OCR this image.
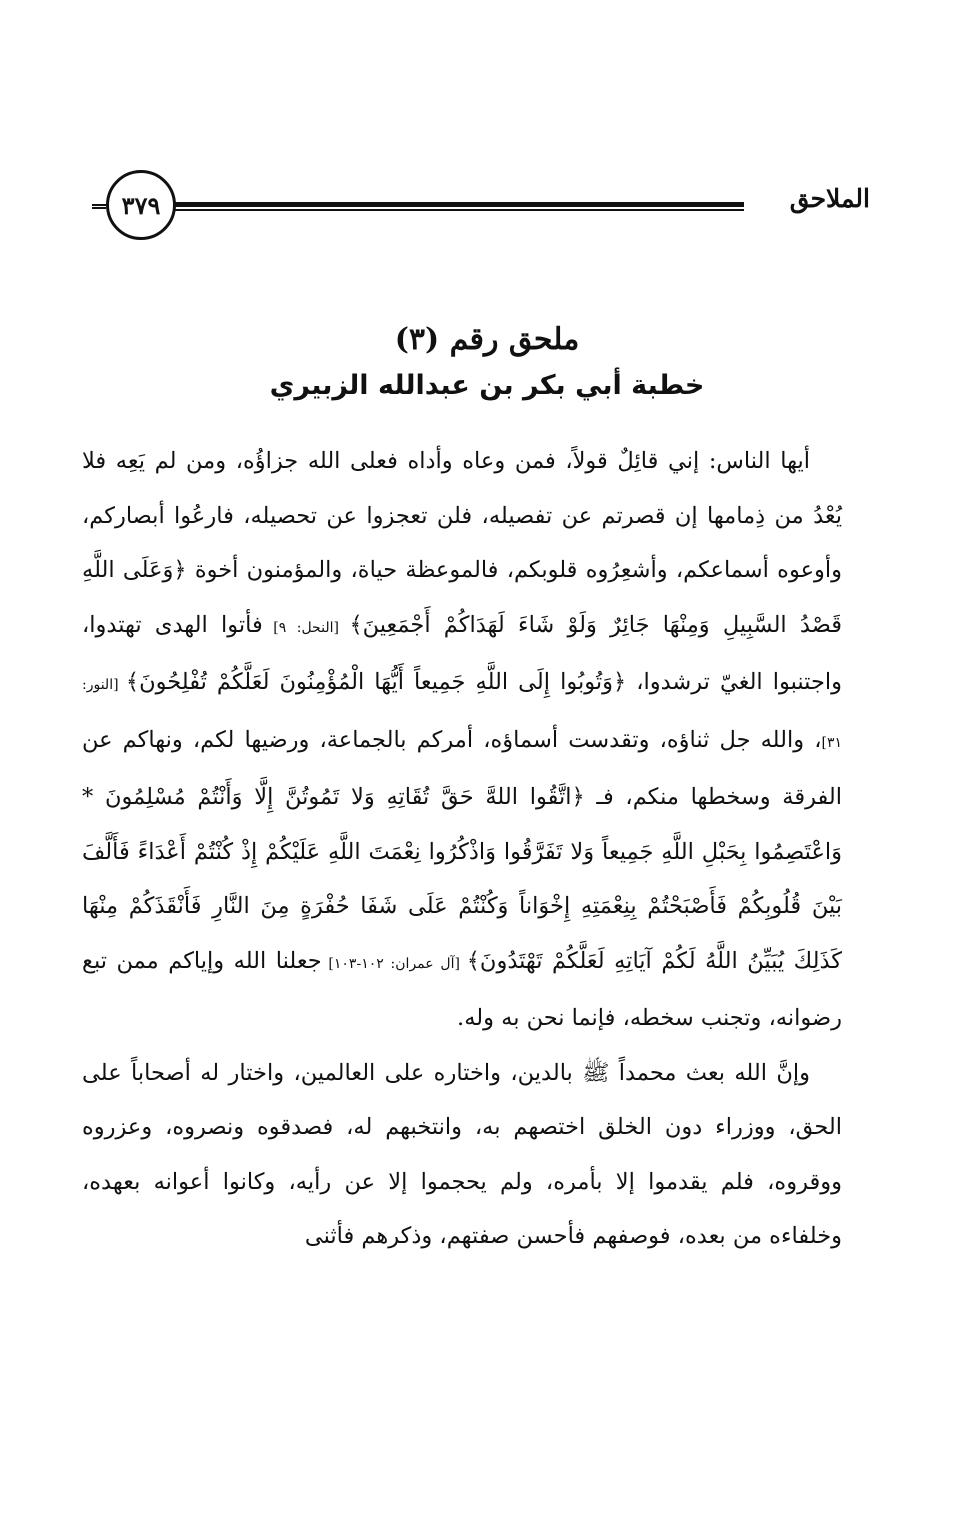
٣٧٩	الملاحق
ملحق رقم (٣)
خطبة أبي بكر بن عبدالله الزبيري

أيها الناس: إني قائِلٌ قولاً، فمن وعاه وأداه فعلى الله جزاؤُه، ومن لم يَعِه فلا يُعْدُ من ذِمامها إن قصرتم عن تفصيله، فلن تعجزوا عن تحصيله، فارعُوا أبصاركم، وأوعوه أسماعكم، وأشعِرُوه قلوبكم، فالموعظة حياة، والمؤمنون أخوة ﴿وَعَلَى اللَّهِ قَصْدُ السَّبِيلِ وَمِنْهَا جَائِرٌ وَلَوْ شَاءَ لَهَدَاكُمْ أَجْمَعِينَ﴾ [النحل: ٩] فأتوا الهدى تهتدوا، واجتنبوا الغيّ ترشدوا، ﴿وَتُوبُوا إِلَى اللَّهِ جَمِيعاً أَيُّهَا الْمُؤْمِنُونَ لَعَلَّكُمْ تُفْلِحُونَ﴾ [النور: ٣١]، والله جل ثناؤه، وتقدست أسماؤه، أمركم بالجماعة، ورضيها لكم، ونهاكم عن الفرقة وسخطها منكم، فـ ﴿اتَّقُوا اللهَّ حَقَّ تُقَاتِهِ وَلا تَمُوتُنَّ إِلَّا وَأَنْتُمْ مُسْلِمُونَ * وَاعْتَصِمُوا بِحَبْلِ اللَّهِ جَمِيعاً وَلا تَفَرَّقُوا وَاذْكُرُوا نِعْمَتَ اللَّهِ عَلَيْكُمْ إِذْ كُنْتُمْ أَعْدَاءً فَأَلَّفَ بَيْنَ قُلُوبِكُمْ فَأَصْبَحْتُمْ بِنِعْمَتِهِ إِخْوَاناً وَكُنْتُمْ عَلَى شَفَا حُفْرَةٍ مِنَ النَّارِ فَأَنْقَذَكُمْ مِنْهَا كَذَلِكَ يُبَيِّنُ اللَّهُ لَكُمْ آيَاتِهِ لَعَلَّكُمْ تَهْتَدُونَ﴾ [آل عمران: ١٠٢-١٠٣] جعلنا الله وإياكم ممن تبع رضوانه، وتجنب سخطه، فإنما نحن به وله.

وإنَّ الله بعث محمداً ﷺ بالدين، واختاره على العالمين، واختار له أصحاباً على الحق، ووزراء دون الخلق اختصهم به، وانتخبهم له، فصدقوه ونصروه، وعزروه ووقروه، فلم يقدموا إلا بأمره، ولم يحجموا إلا عن رأيه، وكانوا أعوانه بعهده، وخلفاءه من بعده، فوصفهم فأحسن صفتهم، وذكرهم فأثنى
